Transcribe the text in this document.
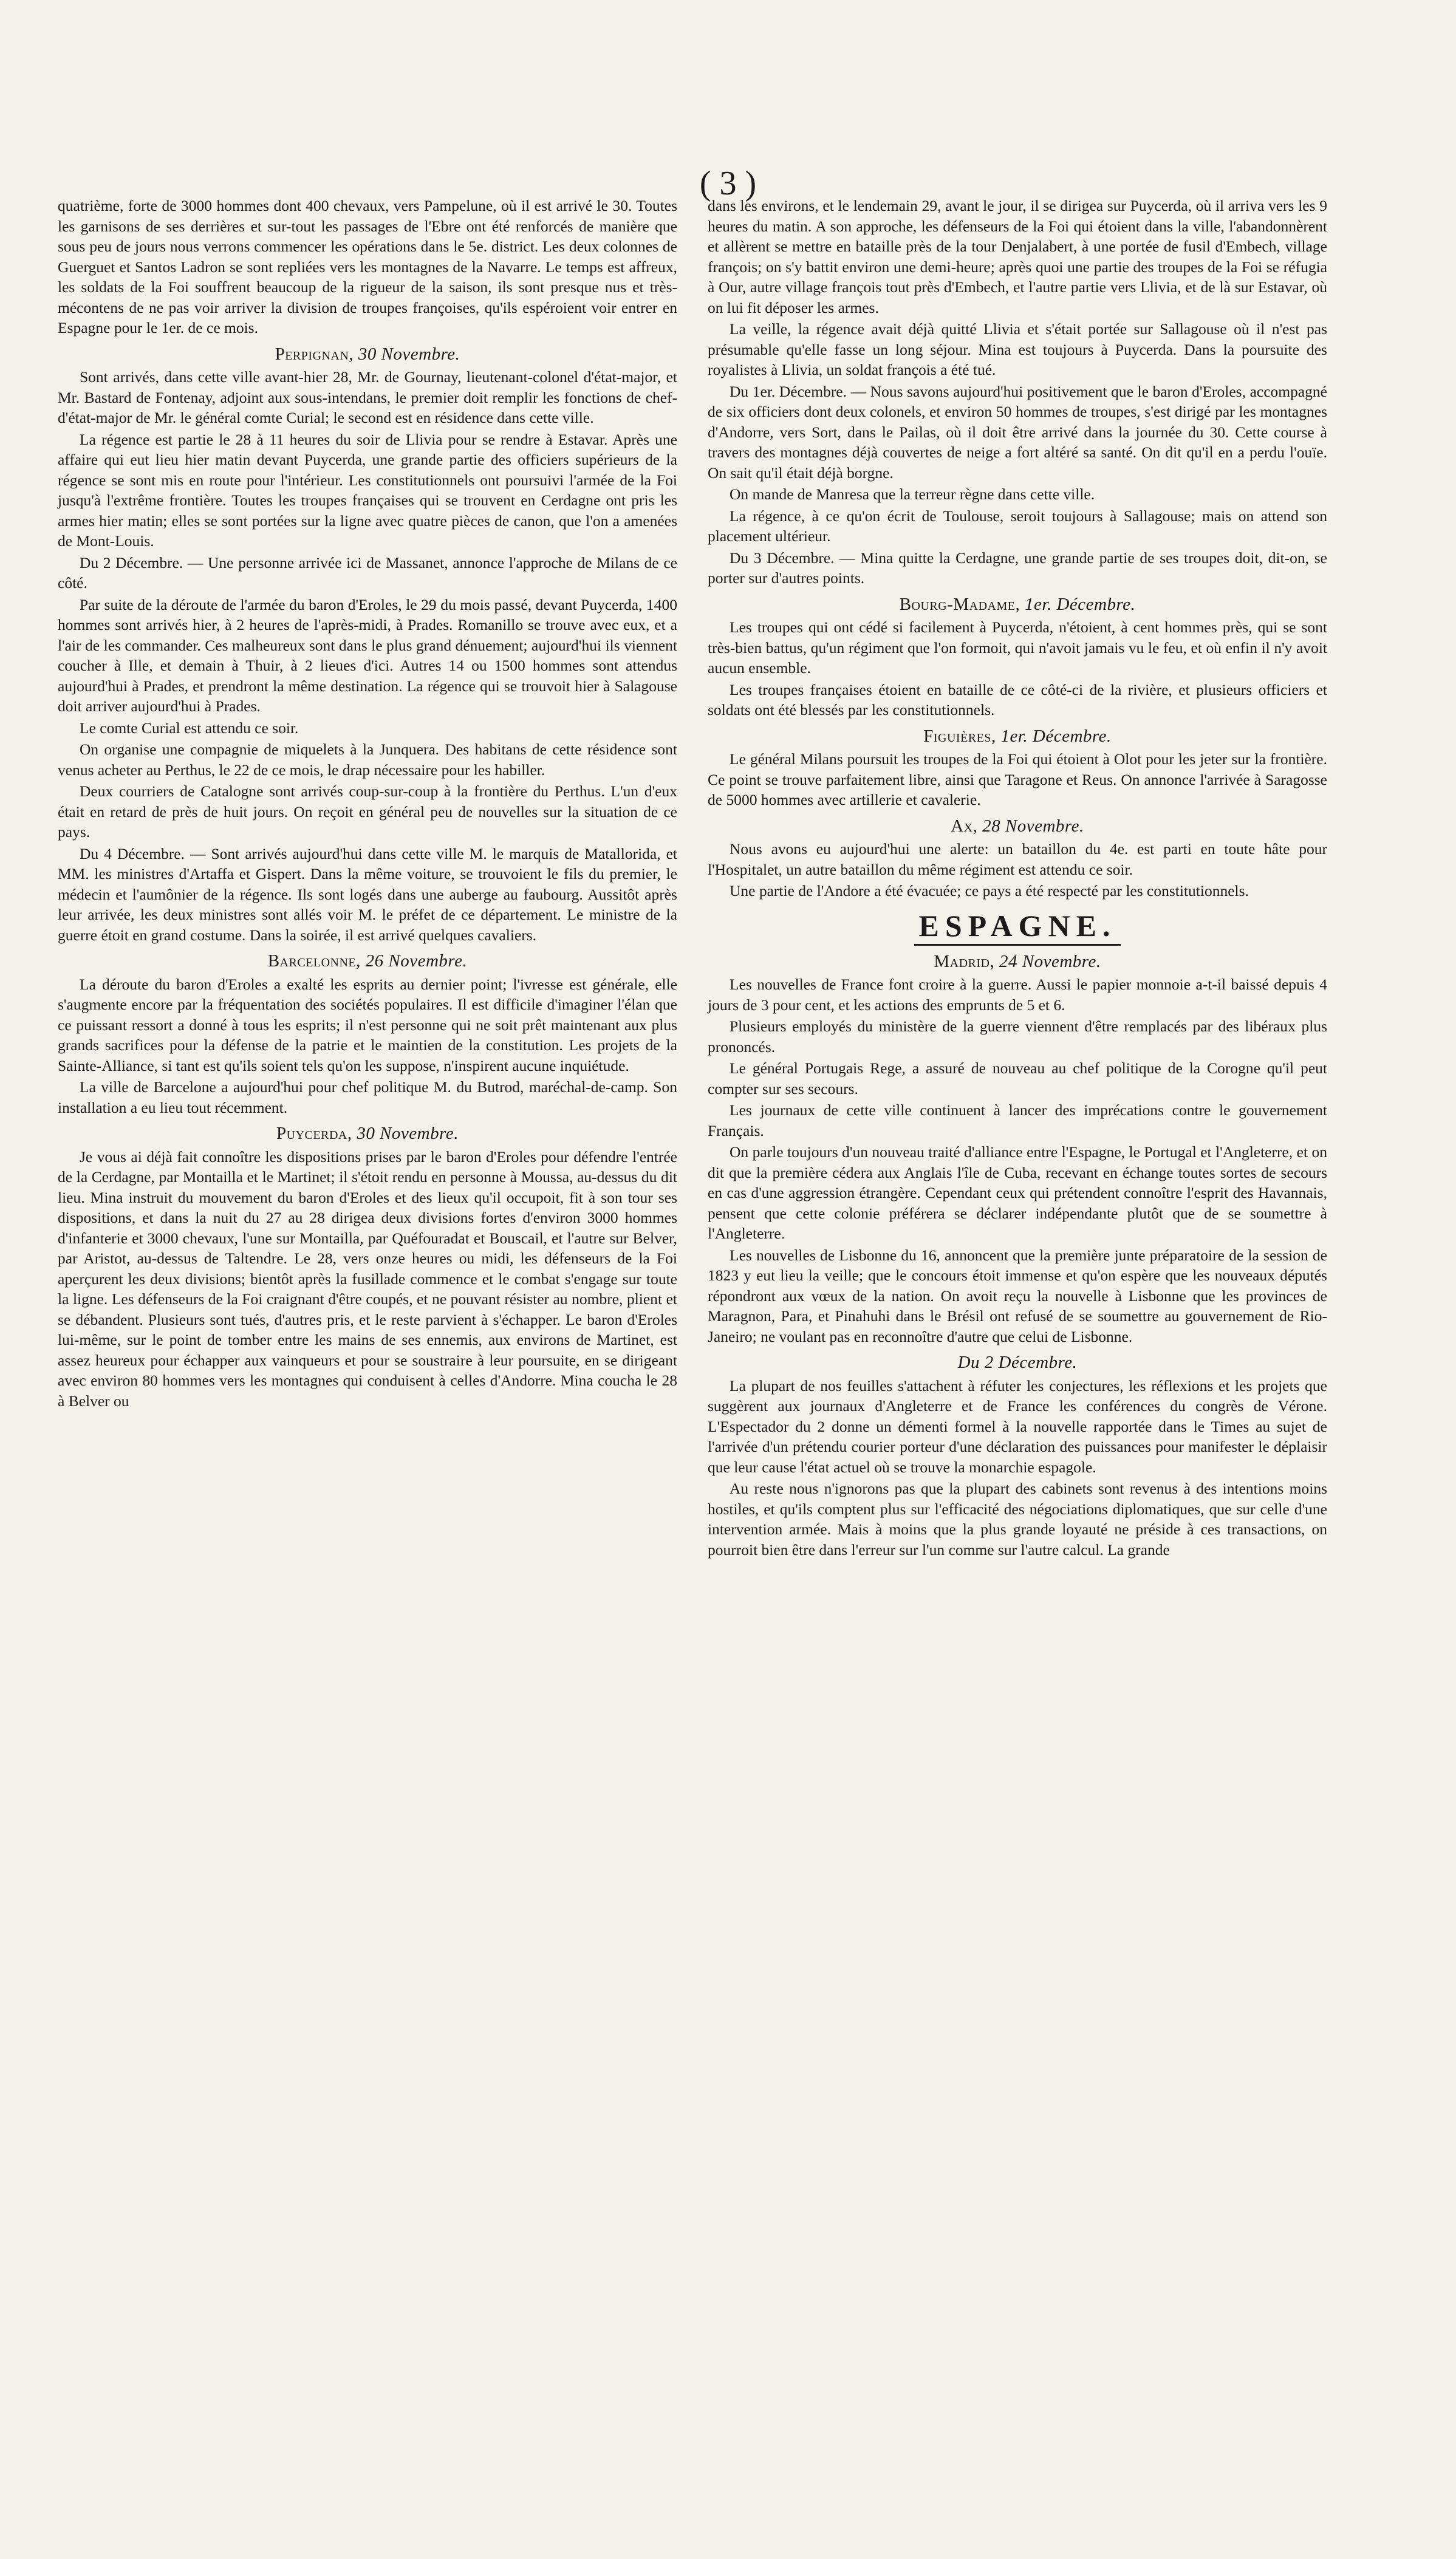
( 3 )

quatrième, forte de 3000 hommes dont 400 chevaux, vers Pampelune, où il est arrivé le 30. Toutes les garnisons de ses derrières et sur-tout les passages de l'Ebre ont été renforcés de manière que sous peu de jours nous verrons commencer les opérations dans le 5e. district. Les deux colonnes de Guerguet et Santos Ladron se sont repliées vers les montagnes de la Navarre. Le temps est affreux, les soldats de la Foi souffrent beaucoup de la rigueur de la saison, ils sont presque nus et très-mécontens de ne pas voir arriver la division de troupes françoises, qu'ils espéroient voir entrer en Espagne pour le 1er. de ce mois.

Perpignan, 30 Novembre.

Sont arrivés, dans cette ville avant-hier 28, Mr. de Gournay, lieutenant-colonel d'état-major, et Mr. Bastard de Fontenay, adjoint aux sous-intendans, le premier doit remplir les fonctions de chef-d'état-major de Mr. le général comte Curial; le second est en résidence dans cette ville.

La régence est partie le 28 à 11 heures du soir de Llivia pour se rendre à Estavar. Après une affaire qui eut lieu hier matin devant Puycerda, une grande partie des officiers supérieurs de la régence se sont mis en route pour l'intérieur. Les constitutionnels ont poursuivi l'armée de la Foi jusqu'à l'extrême frontière. Toutes les troupes françaises qui se trouvent en Cerdagne ont pris les armes hier matin; elles se sont portées sur la ligne avec quatre pièces de canon, que l'on a amenées de Mont-Louis.

Du 2 Décembre. — Une personne arrivée ici de Massanet, annonce l'approche de Milans de ce côté.

Par suite de la déroute de l'armée du baron d'Eroles, le 29 du mois passé, devant Puycerda, 1400 hommes sont arrivés hier, à 2 heures de l'après-midi, à Prades. Romanillo se trouve avec eux, et a l'air de les commander. Ces malheureux sont dans le plus grand dénuement; aujourd'hui ils viennent coucher à Ille, et demain à Thuir, à 2 lieues d'ici. Autres 14 ou 1500 hommes sont attendus aujourd'hui à Prades, et prendront la même destination. La régence qui se trouvoit hier à Salagouse doit arriver aujourd'hui à Prades.

Le comte Curial est attendu ce soir.

On organise une compagnie de miquelets à la Junquera. Des habitans de cette résidence sont venus acheter au Perthus, le 22 de ce mois, le drap nécessaire pour les habiller.

Deux courriers de Catalogne sont arrivés coup-sur-coup à la frontière du Perthus. L'un d'eux était en retard de près de huit jours. On reçoit en général peu de nouvelles sur la situation de ce pays.

Du 4 Décembre. — Sont arrivés aujourd'hui dans cette ville M. le marquis de Matallorida, et MM. les ministres d'Artaffa et Gispert. Dans la même voiture, se trouvoient le fils du premier, le médecin et l'aumônier de la régence. Ils sont logés dans une auberge au faubourg. Aussitôt après leur arrivée, les deux ministres sont allés voir M. le préfet de ce département. Le ministre de la guerre étoit en grand costume. Dans la soirée, il est arrivé quelques cavaliers.

Barcelonne, 26 Novembre.

La déroute du baron d'Eroles a exalté les esprits au dernier point; l'ivresse est générale, elle s'augmente encore par la fréquentation des sociétés populaires. Il est difficile d'imaginer l'élan que ce puissant ressort a donné à tous les esprits; il n'est personne qui ne soit prêt maintenant aux plus grands sacrifices pour la défense de la patrie et le maintien de la constitution. Les projets de la Sainte-Alliance, si tant est qu'ils soient tels qu'on les suppose, n'inspirent aucune inquiétude.

La ville de Barcelone a aujourd'hui pour chef politique M. du Butrod, maréchal-de-camp. Son installation a eu lieu tout récemment.

Puycerda, 30 Novembre.

Je vous ai déjà fait connoître les dispositions prises par le baron d'Eroles pour défendre l'entrée de la Cerdagne, par Montailla et le Martinet; il s'étoit rendu en personne à Moussa, au-dessus du dit lieu. Mina instruit du mouvement du baron d'Eroles et des lieux qu'il occupoit, fit à son tour ses dispositions, et dans la nuit du 27 au 28 dirigea deux divisions fortes d'environ 3000 hommes d'infanterie et 3000 chevaux, l'une sur Montailla, par Quéfouradat et Bouscail, et l'autre sur Belver, par Aristot, au-dessus de Taltendre. Le 28, vers onze heures ou midi, les défenseurs de la Foi aperçurent les deux divisions; bientôt après la fusillade commence et le combat s'engage sur toute la ligne. Les défenseurs de la Foi craignant d'être coupés, et ne pouvant résister au nombre, plient et se débandent. Plusieurs sont tués, d'autres pris, et le reste parvient à s'échapper. Le baron d'Eroles lui-même, sur le point de tomber entre les mains de ses ennemis, aux environs de Martinet, est assez heureux pour échapper aux vainqueurs et pour se soustraire à leur poursuite, en se dirigeant avec environ 80 hommes vers les montagnes qui conduisent à celles d'Andorre. Mina coucha le 28 à Belver ou

dans les environs, et le lendemain 29, avant le jour, il se dirigea sur Puycerda, où il arriva vers les 9 heures du matin. A son approche, les défenseurs de la Foi qui étoient dans la ville, l'abandonnèrent et allèrent se mettre en bataille près de la tour Denjalabert, à une portée de fusil d'Embech, village françois; on s'y battit environ une demi-heure; après quoi une partie des troupes de la Foi se réfugia à Our, autre village françois tout près d'Embech, et l'autre partie vers Llivia, et de là sur Estavar, où on lui fit déposer les armes.

La veille, la régence avait déjà quitté Llivia et s'était portée sur Sallagouse où il n'est pas présumable qu'elle fasse un long séjour. Mina est toujours à Puycerda. Dans la poursuite des royalistes à Llivia, un soldat françois a été tué.

Du 1er. Décembre. — Nous savons aujourd'hui positivement que le baron d'Eroles, accompagné de six officiers dont deux colonels, et environ 50 hommes de troupes, s'est dirigé par les montagnes d'Andorre, vers Sort, dans le Pailas, où il doit être arrivé dans la journée du 30. Cette course à travers des montagnes déjà couvertes de neige a fort altéré sa santé. On dit qu'il en a perdu l'ouïe. On sait qu'il était déjà borgne.

On mande de Manresa que la terreur règne dans cette ville.

La régence, à ce qu'on écrit de Toulouse, seroit toujours à Sallagouse; mais on attend son placement ultérieur.

Du 3 Décembre. — Mina quitte la Cerdagne, une grande partie de ses troupes doit, dit-on, se porter sur d'autres points.

Bourg-Madame, 1er. Décembre.

Les troupes qui ont cédé si facilement à Puycerda, n'étoient, à cent hommes près, qui se sont très-bien battus, qu'un régiment que l'on formoit, qui n'avoit jamais vu le feu, et où enfin il n'y avoit aucun ensemble.

Les troupes françaises étoient en bataille de ce côté-ci de la rivière, et plusieurs officiers et soldats ont été blessés par les constitutionnels.

Figuières, 1er. Décembre.

Le général Milans poursuit les troupes de la Foi qui étoient à Olot pour les jeter sur la frontière. Ce point se trouve parfaitement libre, ainsi que Taragone et Reus. On annonce l'arrivée à Saragosse de 5000 hommes avec artillerie et cavalerie.

Ax, 28 Novembre.

Nous avons eu aujourd'hui une alerte: un bataillon du 4e. est parti en toute hâte pour l'Hospitalet, un autre bataillon du même régiment est attendu ce soir.

Une partie de l'Andore a été évacuée; ce pays a été respecté par les constitutionnels.

ESPAGNE.
Madrid, 24 Novembre.

Les nouvelles de France font croire à la guerre. Aussi le papier monnoie a-t-il baissé depuis 4 jours de 3 pour cent, et les actions des emprunts de 5 et 6.

Plusieurs employés du ministère de la guerre viennent d'être remplacés par des libéraux plus prononcés.

Le général Portugais Rege, a assuré de nouveau au chef politique de la Corogne qu'il peut compter sur ses secours.

Les journaux de cette ville continuent à lancer des imprécations contre le gouvernement Français.

On parle toujours d'un nouveau traité d'alliance entre l'Espagne, le Portugal et l'Angleterre, et on dit que la première cédera aux Anglais l'île de Cuba, recevant en échange toutes sortes de secours en cas d'une aggression étrangère. Cependant ceux qui prétendent connoître l'esprit des Havannais, pensent que cette colonie préférera se déclarer indépendante plutôt que de se soumettre à l'Angleterre.

Les nouvelles de Lisbonne du 16, annoncent que la première junte préparatoire de la session de 1823 y eut lieu la veille; que le concours étoit immense et qu'on espère que les nouveaux députés répondront aux vœux de la nation. On avoit reçu la nouvelle à Lisbonne que les provinces de Maragnon, Para, et Pinahuhi dans le Brésil ont refusé de se soumettre au gouvernement de Rio-Janeiro; ne voulant pas en reconnoître d'autre que celui de Lisbonne.

Du 2 Décembre.

La plupart de nos feuilles s'attachent à réfuter les conjectures, les réflexions et les projets que suggèrent aux journaux d'Angleterre et de France les conférences du congrès de Vérone. L'Espectador du 2 donne un démenti formel à la nouvelle rapportée dans le Times au sujet de l'arrivée d'un prétendu courier porteur d'une déclaration des puissances pour manifester le déplaisir que leur cause l'état actuel où se trouve la monarchie espagole.

Au reste nous n'ignorons pas que la plupart des cabinets sont revenus à des intentions moins hostiles, et qu'ils comptent plus sur l'efficacité des négociations diplomatiques, que sur celle d'une intervention armée. Mais à moins que la plus grande loyauté ne préside à ces transactions, on pourroit bien être dans l'erreur sur l'un comme sur l'autre calcul. La grande
